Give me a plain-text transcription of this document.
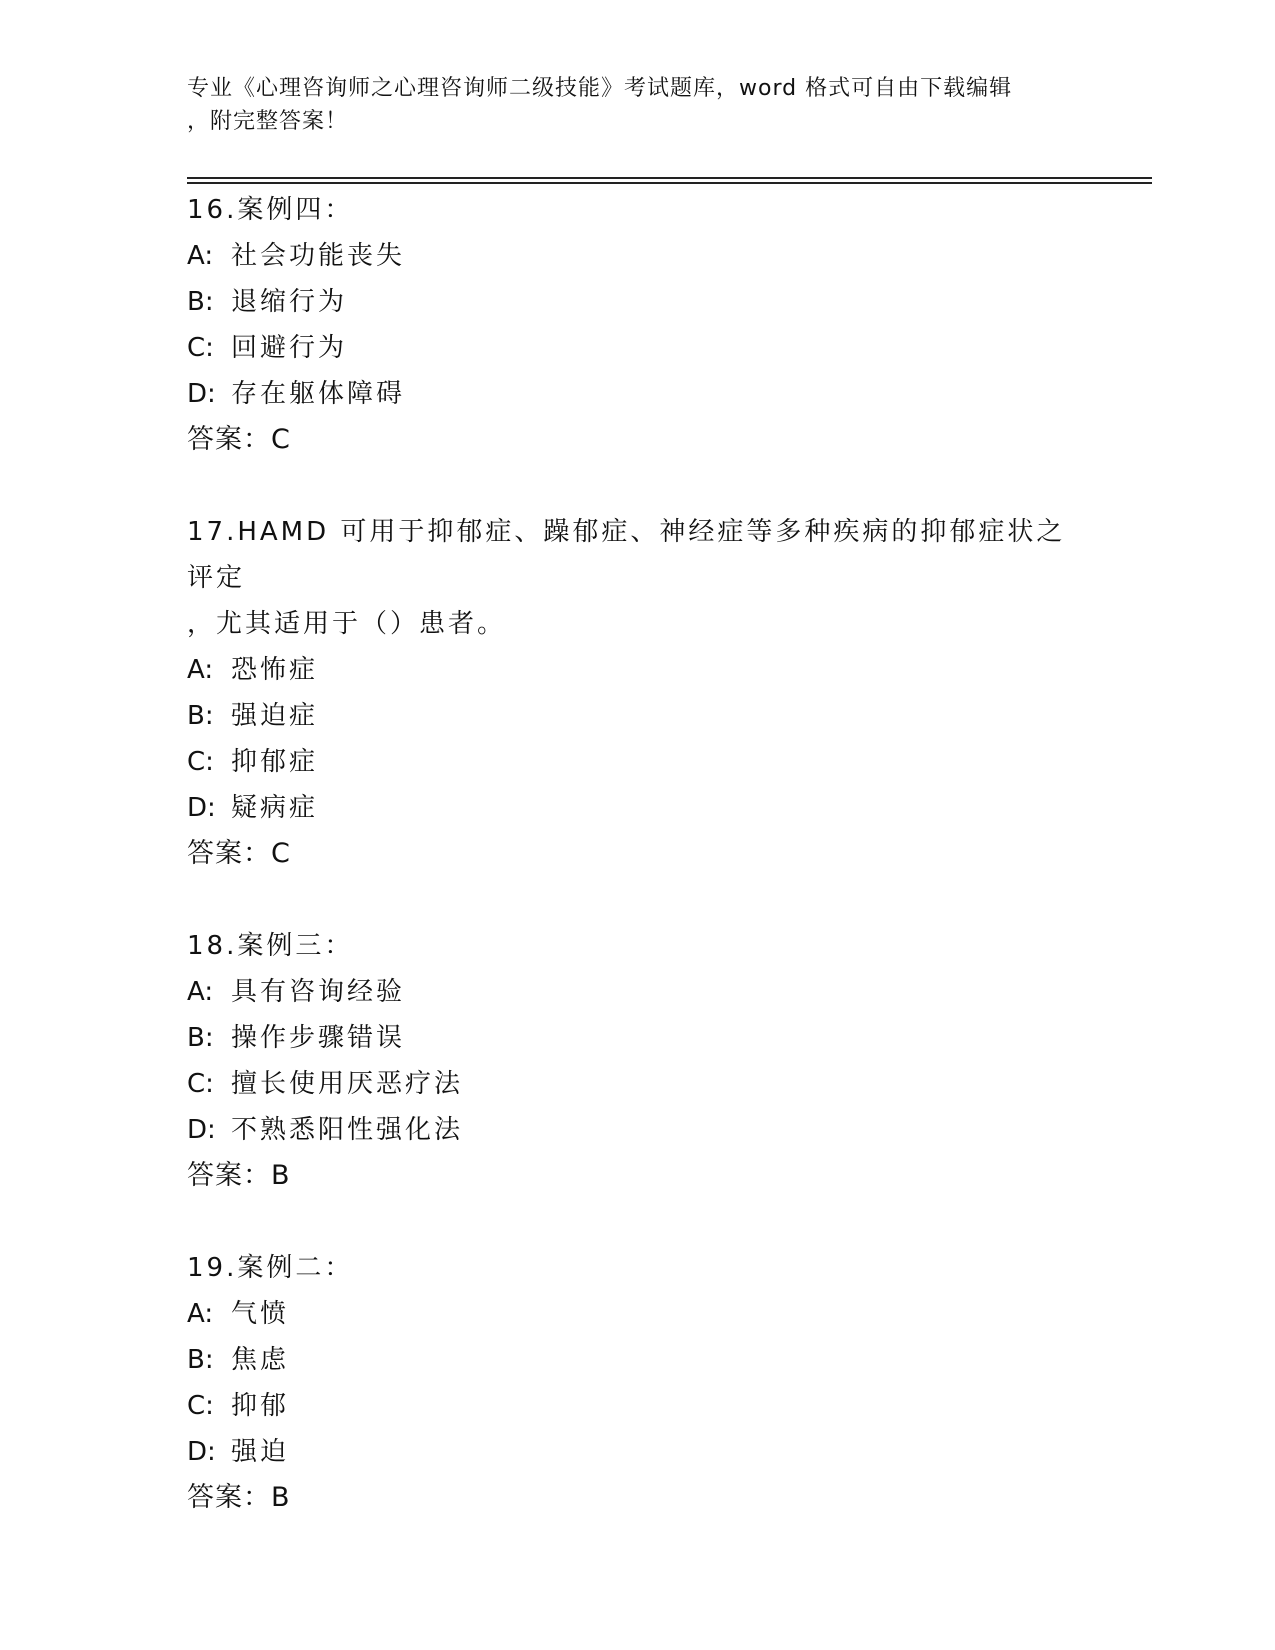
专业《心理咨询师之心理咨询师二级技能》考试题库，word 格式可自由下载编辑
，附完整答案！
16.案例四：
A: 社会功能丧失
B: 退缩行为
C: 回避行为
D: 存在躯体障碍
答案：C
17.HAMD 可用于抑郁症、躁郁症、神经症等多种疾病的抑郁症状之评定
，尤其适用于（）患者。
A: 恐怖症
B: 强迫症
C: 抑郁症
D: 疑病症
答案：C
18.案例三：
A: 具有咨询经验
B: 操作步骤错误
C: 擅长使用厌恶疗法
D: 不熟悉阳性强化法
答案：B
19.案例二：
A: 气愤
B: 焦虑
C: 抑郁
D: 强迫
答案：B
